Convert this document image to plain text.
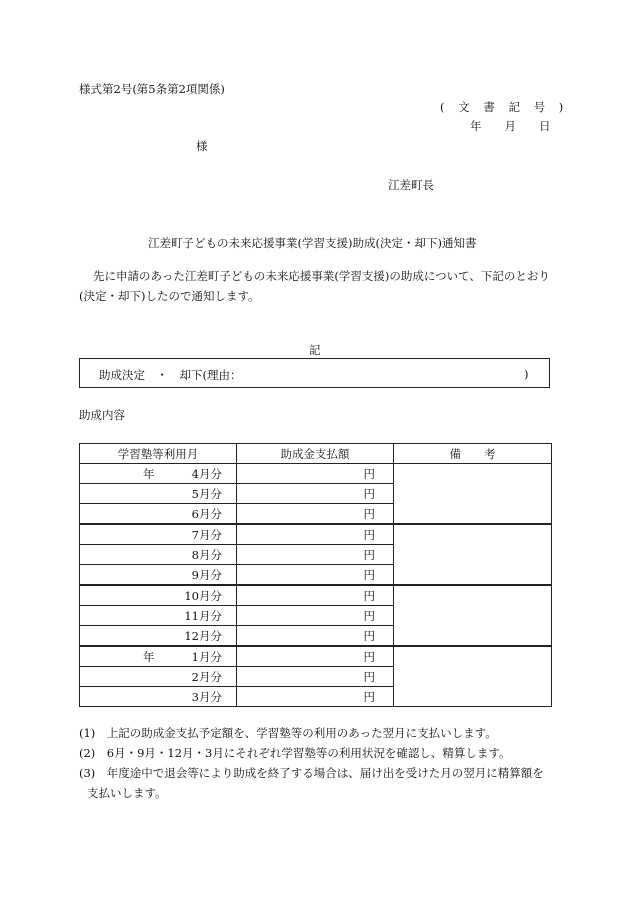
様式第2号(第5条第2項関係)
( 文 書 記 号 )
年　　月　　日
様
江差町長
江差町子どもの未来応援事業(学習支援)助成(決定・却下)通知書
先に申請のあった江差町子どもの未来応援事業(学習支援)の助成について、下記のとおり
(決定・却下)したので通知します。
記
助成決定　・　却下(理由：	)
助成内容
学習塾等利用月	助成金支払額	備　　考

年 4月分	円	

5月分	円	

6月分	円	

7月分	円	

8月分	円	

9月分	円	

10月分	円	

11月分	円	

12月分	円	

年 1月分	円	

2月分	円	

3月分	円	
(1)　上記の助成金支払予定額を、学習塾等の利用のあった翌月に支払いします。
(2)　6月・9月・12月・3月にそれぞれ学習塾等の利用状況を確認し、精算します。
(3)　年度途中で退会等により助成を終了する場合は、届け出を受けた月の翌月に精算額を
支払いします。
